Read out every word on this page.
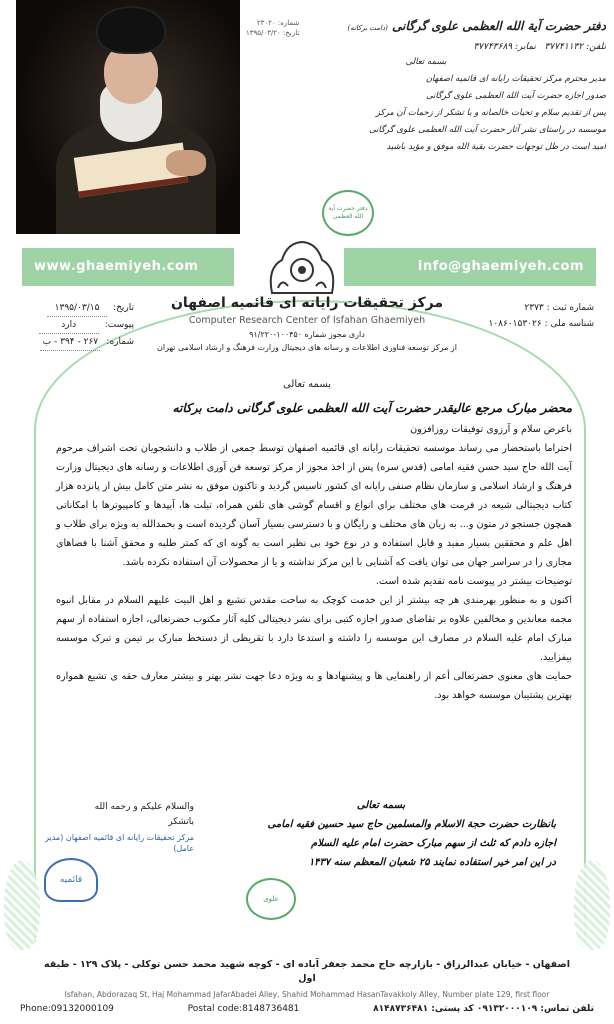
دفتر حضرت آیة الله العظمی علوی گرگانی (دامت برکاته)
شماره: ۲۳۰۲۰
تاریخ: ۱۳۹۵/۰۳/۲۰
تلفن: ۳۷۷۴۱۱۳۲   نمابر: ۳۷۷۴۳۶۸۹
بسمه تعالی
مدیر محترم مرکز تحقیقات رایانه ای قائمیه اصفهان
صدور اجازه حضرت آیت الله العظمی علوی گرگانی
پس از تقدیم سلام و تحیات خالصانه و با تشکر از زحمات آن مرکز
موسسه در راستای نشر آثار حضرت آیت الله العظمی علوی گرگانی
امید است در ظل توجهات حضرت بقیة الله موفق و مؤید باشید
دفتر حضرت آیة الله العظمی
www.ghaemiyeh.com	info@ghaemiyeh.com
مرکز تحقیقات رایانه ای قائمیه اصفهان
Computer Research Center of Isfahan Ghaemiyeh
داری مجوز شماره ۱۰۰۴۵۰-۹۱/۲۲۰
از مرکز توسعه فناوری اطلاعات و رسانه های دیجیتال وزارت فرهنگ و ارشاد اسلامی تهران
شماره ثبت : ۲۳۷۳
شناسه ملی : ۱۰۸۶۰۱۵۳۰۲۶
تاریخ:
۱۳۹۵/۰۳/۱۵
پیوست:
دارد
شماره:
۲۶۷ - ۳۹۴ - ب
بسمه تعالی
محضر مبارک مرجع عالیقدر حضرت آیت الله العظمی علوی گرگانی دامت برکاته

باعرض سلام و آرزوی توفیقات روزافزون

احتراما باستحضار می رساند موسسه تحقیقات رایانه ای قائمیه اصفهان توسط جمعی از طلاب و دانشجویان تحت اشراف مرحوم آیت الله حاج سید حسن فقیه امامی (قدس سره) پس از اخذ مجوز از مرکز توسعه فن آوری اطلاعات و رسانه های دیجیتال وزارت فرهنگ و ارشاد اسلامی و سازمان نظام صنفی رایانه ای کشور تاسیس گردید و تاکنون موفق به نشر متن کامل بیش از پانزده هزار کتاب دیجیتالی شیعه در فرمت های مختلف برای انواع و اقسام گوشی های تلفن همراه، تبلت ها، آیپدها و کامپیوترها با امکاناتی همچون جستجو در متون و... به زبان های مختلف و رایگان و با دسترسی بسیار آسان گردیده است و بحمدالله به ویژه برای طلاب و اهل علم و محققین بسیار مفید و قابل استفاده و در نوع خود بی نظیر است به گونه ای که کمتر طلبه و محقق آشنا با فضاهای مجازی را در سراسر جهان می توان یافت که آشنایی با این مرکز نداشته و یا از محصولات آن استفاده نکرده باشد.

توضیحات بیشتر در پیوست نامه تقدیم شده است.

اکنون و به منظور بهرمندی هر چه بیشتر از این خدمت کوچک به ساحت مقدس تشیع و اهل البیت علیهم السلام در مقابل انبوه مجمه معاندین و مخالفین علاوه بر تقاضای صدور اجازه کتبی برای نشر دیجیتالی کلیه آثار مکتوب حضرتعالی، اجازه استفاده از سهم مبارک امام علیه السلام در مصارف این موسسه را داشته و استدعا دارد با تقریظی از دستخط مبارک بر تیمن و تبرک موسسه بیفزایید.

حمایت های معنوی حضرتعالی أعم از راهنمایی ها و پیشنهادها و به ویژه دعا جهت نشر بهتر و بیشتر معارف حقه ی تشیع همواره بهترین پشتیبان موسسه خواهد بود.

والسلام علیکم و رحمه الله
باتشکر
مرکز تحقیقات رایانه ای قائمیه اصفهان (مدیر عامل)
قائمیه
بسمه تعالی
بانظارت حضرت حجة الاسلام والمسلمین حاج سید حسین فقیه امامی
اجازه دادم که ثلث از سهم مبارک حضرت امام علیه السلام
در این امر خیر استفاده نمایند ۲۵ شعبان المعظم سنه ۱۴۳۷
علوی
اصفهان - خیابان عبدالرزاق - بازارچه حاج محمد جعفر آباده ای - کوچه شهید محمد حسن توکلی - پلاک ۱۲۹ - طبقه اول
Isfahan, Abdorazaq St, Haj Mohammad JafarAbadei Alley, Shahid Mohammad HasanTavakkoly Alley, Number plate 129, first floor
Phone:09132000109	Postal code:8148736481	تلفن تماس: ۰۹۱۳۲۰۰۰۱۰۹ کد پستی: ۸۱۴۸۷۳۶۴۸۱
